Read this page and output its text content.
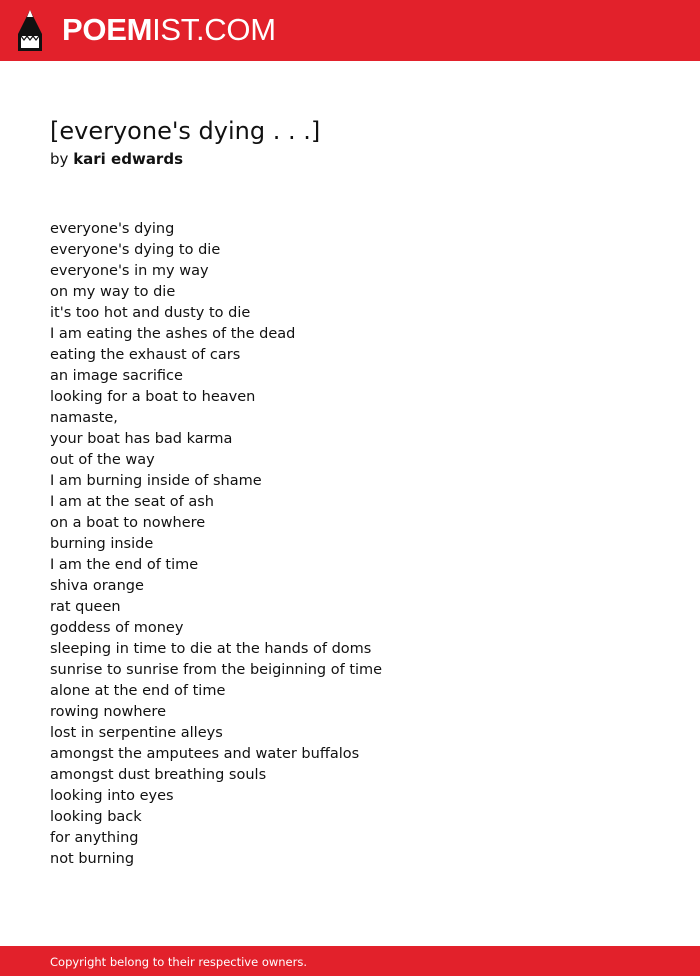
POEMIST.COM
[everyone's dying . . .]
by kari edwards
everyone's dying
everyone's dying to die
everyone's in my way
on my way to die
it's too hot and dusty to die
I am eating the ashes of the dead
eating the exhaust of cars
an image sacrifice
looking for a boat to heaven
namaste,
your boat has bad karma
out of the way
I am burning inside of shame
I am at the seat of ash
on a boat to nowhere
burning inside
I am the end of time
shiva orange
rat queen
goddess of money
sleeping in time to die at the hands of doms
sunrise to sunrise from the beiginning of time
alone at the end of time
rowing nowhere
lost in serpentine alleys
amongst the amputees and water buffalos
amongst dust breathing souls
looking into eyes
looking back
for anything
not burning
Copyright belong to their respective owners.
